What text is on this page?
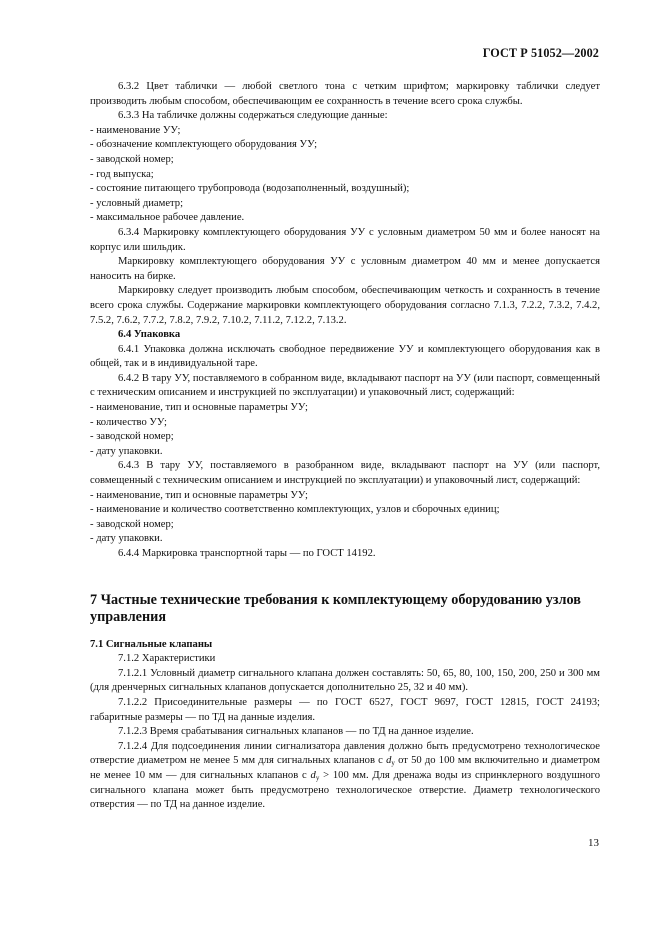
ГОСТ Р 51052—2002

6.3.2 Цвет таблички — любой светлого тона с четким шрифтом; маркировку таблички следует производить любым способом, обеспечивающим ее сохранность в течение всего срока службы.

6.3.3 На табличке должны содержаться следующие данные:

- наименование УУ;

- обозначение комплектующего оборудования УУ;

- заводской номер;

- год выпуска;

- состояние питающего трубопровода (водозаполненный, воздушный);

- условный диаметр;

- максимальное рабочее давление.

6.3.4 Маркировку комплектующего оборудования УУ с условным диаметром 50 мм и более наносят на корпус или шильдик.

Маркировку комплектующего оборудования УУ с условным диаметром 40 мм и менее допускается наносить на бирке.

Маркировку следует производить любым способом, обеспечивающим четкость и сохранность в течение всего срока службы. Содержание маркировки комплектующего оборудования согласно 7.1.3, 7.2.2, 7.3.2, 7.4.2, 7.5.2, 7.6.2, 7.7.2, 7.8.2, 7.9.2, 7.10.2, 7.11.2, 7.12.2, 7.13.2.

6.4 Упаковка

6.4.1 Упаковка должна исключать свободное передвижение УУ и комплектующего оборудования как в общей, так и в индивидуальной таре.

6.4.2 В тару УУ, поставляемого в собранном виде, вкладывают паспорт на УУ (или паспорт, совмещенный с техническим описанием и инструкцией по эксплуатации) и упаковочный лист, содержащий:

- наименование, тип и основные параметры УУ;

- количество УУ;

- заводской номер;

- дату упаковки.

6.4.3 В тару УУ, поставляемого в разобранном виде, вкладывают паспорт на УУ (или паспорт, совмещенный с техническим описанием и инструкцией по эксплуатации) и упаковочный лист, содержащий:

- наименование, тип и основные параметры УУ;

- наименование и количество соответственно комплектующих, узлов и сборочных единиц;

- заводской номер;

- дату упаковки.

6.4.4 Маркировка транспортной тары — по ГОСТ 14192.

7 Частные технические требования к комплектующему оборудованию узлов управления

7.1 Сигнальные клапаны

7.1.2 Характеристики

7.1.2.1 Условный диаметр сигнального клапана должен составлять: 50, 65, 80, 100, 150, 200, 250 и 300 мм (для дренчерных сигнальных клапанов допускается дополнительно 25, 32 и 40 мм).

7.1.2.2 Присоединительные размеры — по ГОСТ 6527, ГОСТ 9697, ГОСТ 12815, ГОСТ 24193; габаритные размеры — по ТД на данные изделия.

7.1.2.3 Время срабатывания сигнальных клапанов — по ТД на данное изделие.

7.1.2.4 Для подсоединения линии сигнализатора давления должно быть предусмотрено технологическое отверстие диаметром не менее 5 мм для сигнальных клапанов с $d_у$ от 50 до 100 мм включительно и диаметром не менее 10 мм — для сигнальных клапанов с $d_у > 100$ мм. Для дренажа воды из спринклерного воздушного сигнального клапана может быть предусмотрено технологическое отверстие. Диаметр технологического отверстия — по ТД на данное изделие.

13
